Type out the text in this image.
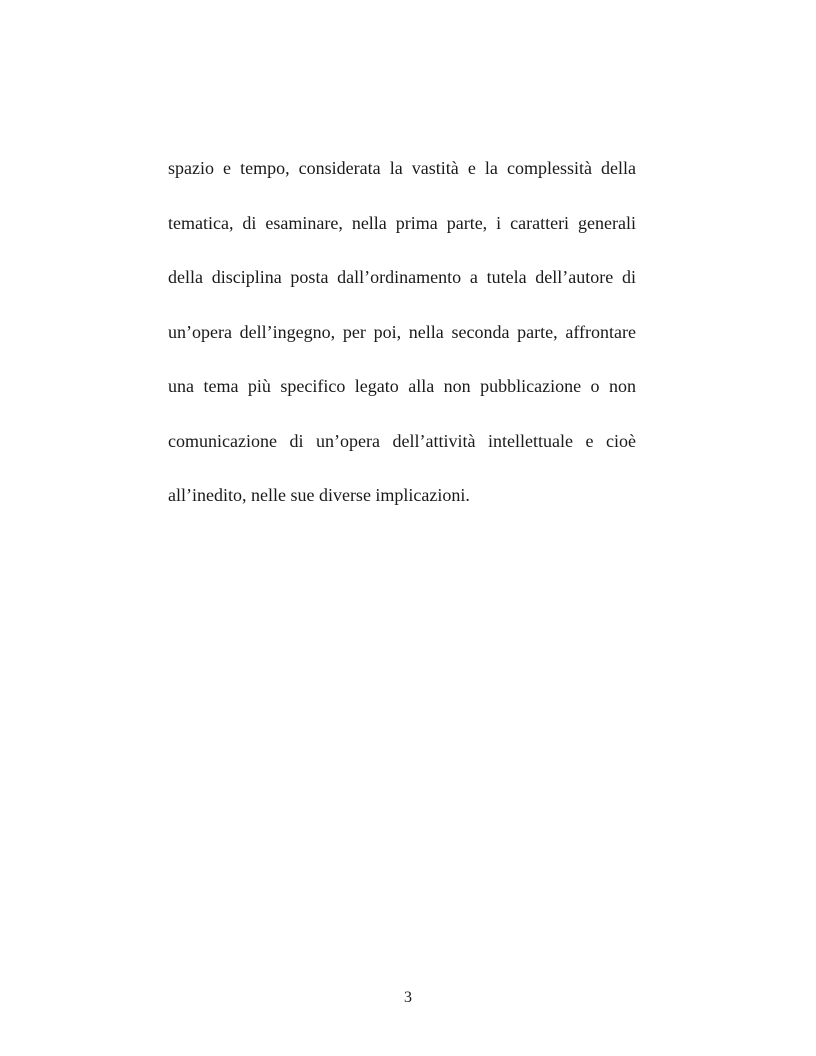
spazio e tempo, considerata la vastità e la complessità della
tematica, di esaminare, nella prima parte, i caratteri generali
della disciplina posta dall’ordinamento a tutela dell’autore di
un’opera dell’ingegno, per poi, nella seconda parte, affrontare
una tema più specifico legato alla non pubblicazione o non
comunicazione di un’opera dell’attività intellettuale e cioè
all’inedito, nelle sue diverse implicazioni.
3
